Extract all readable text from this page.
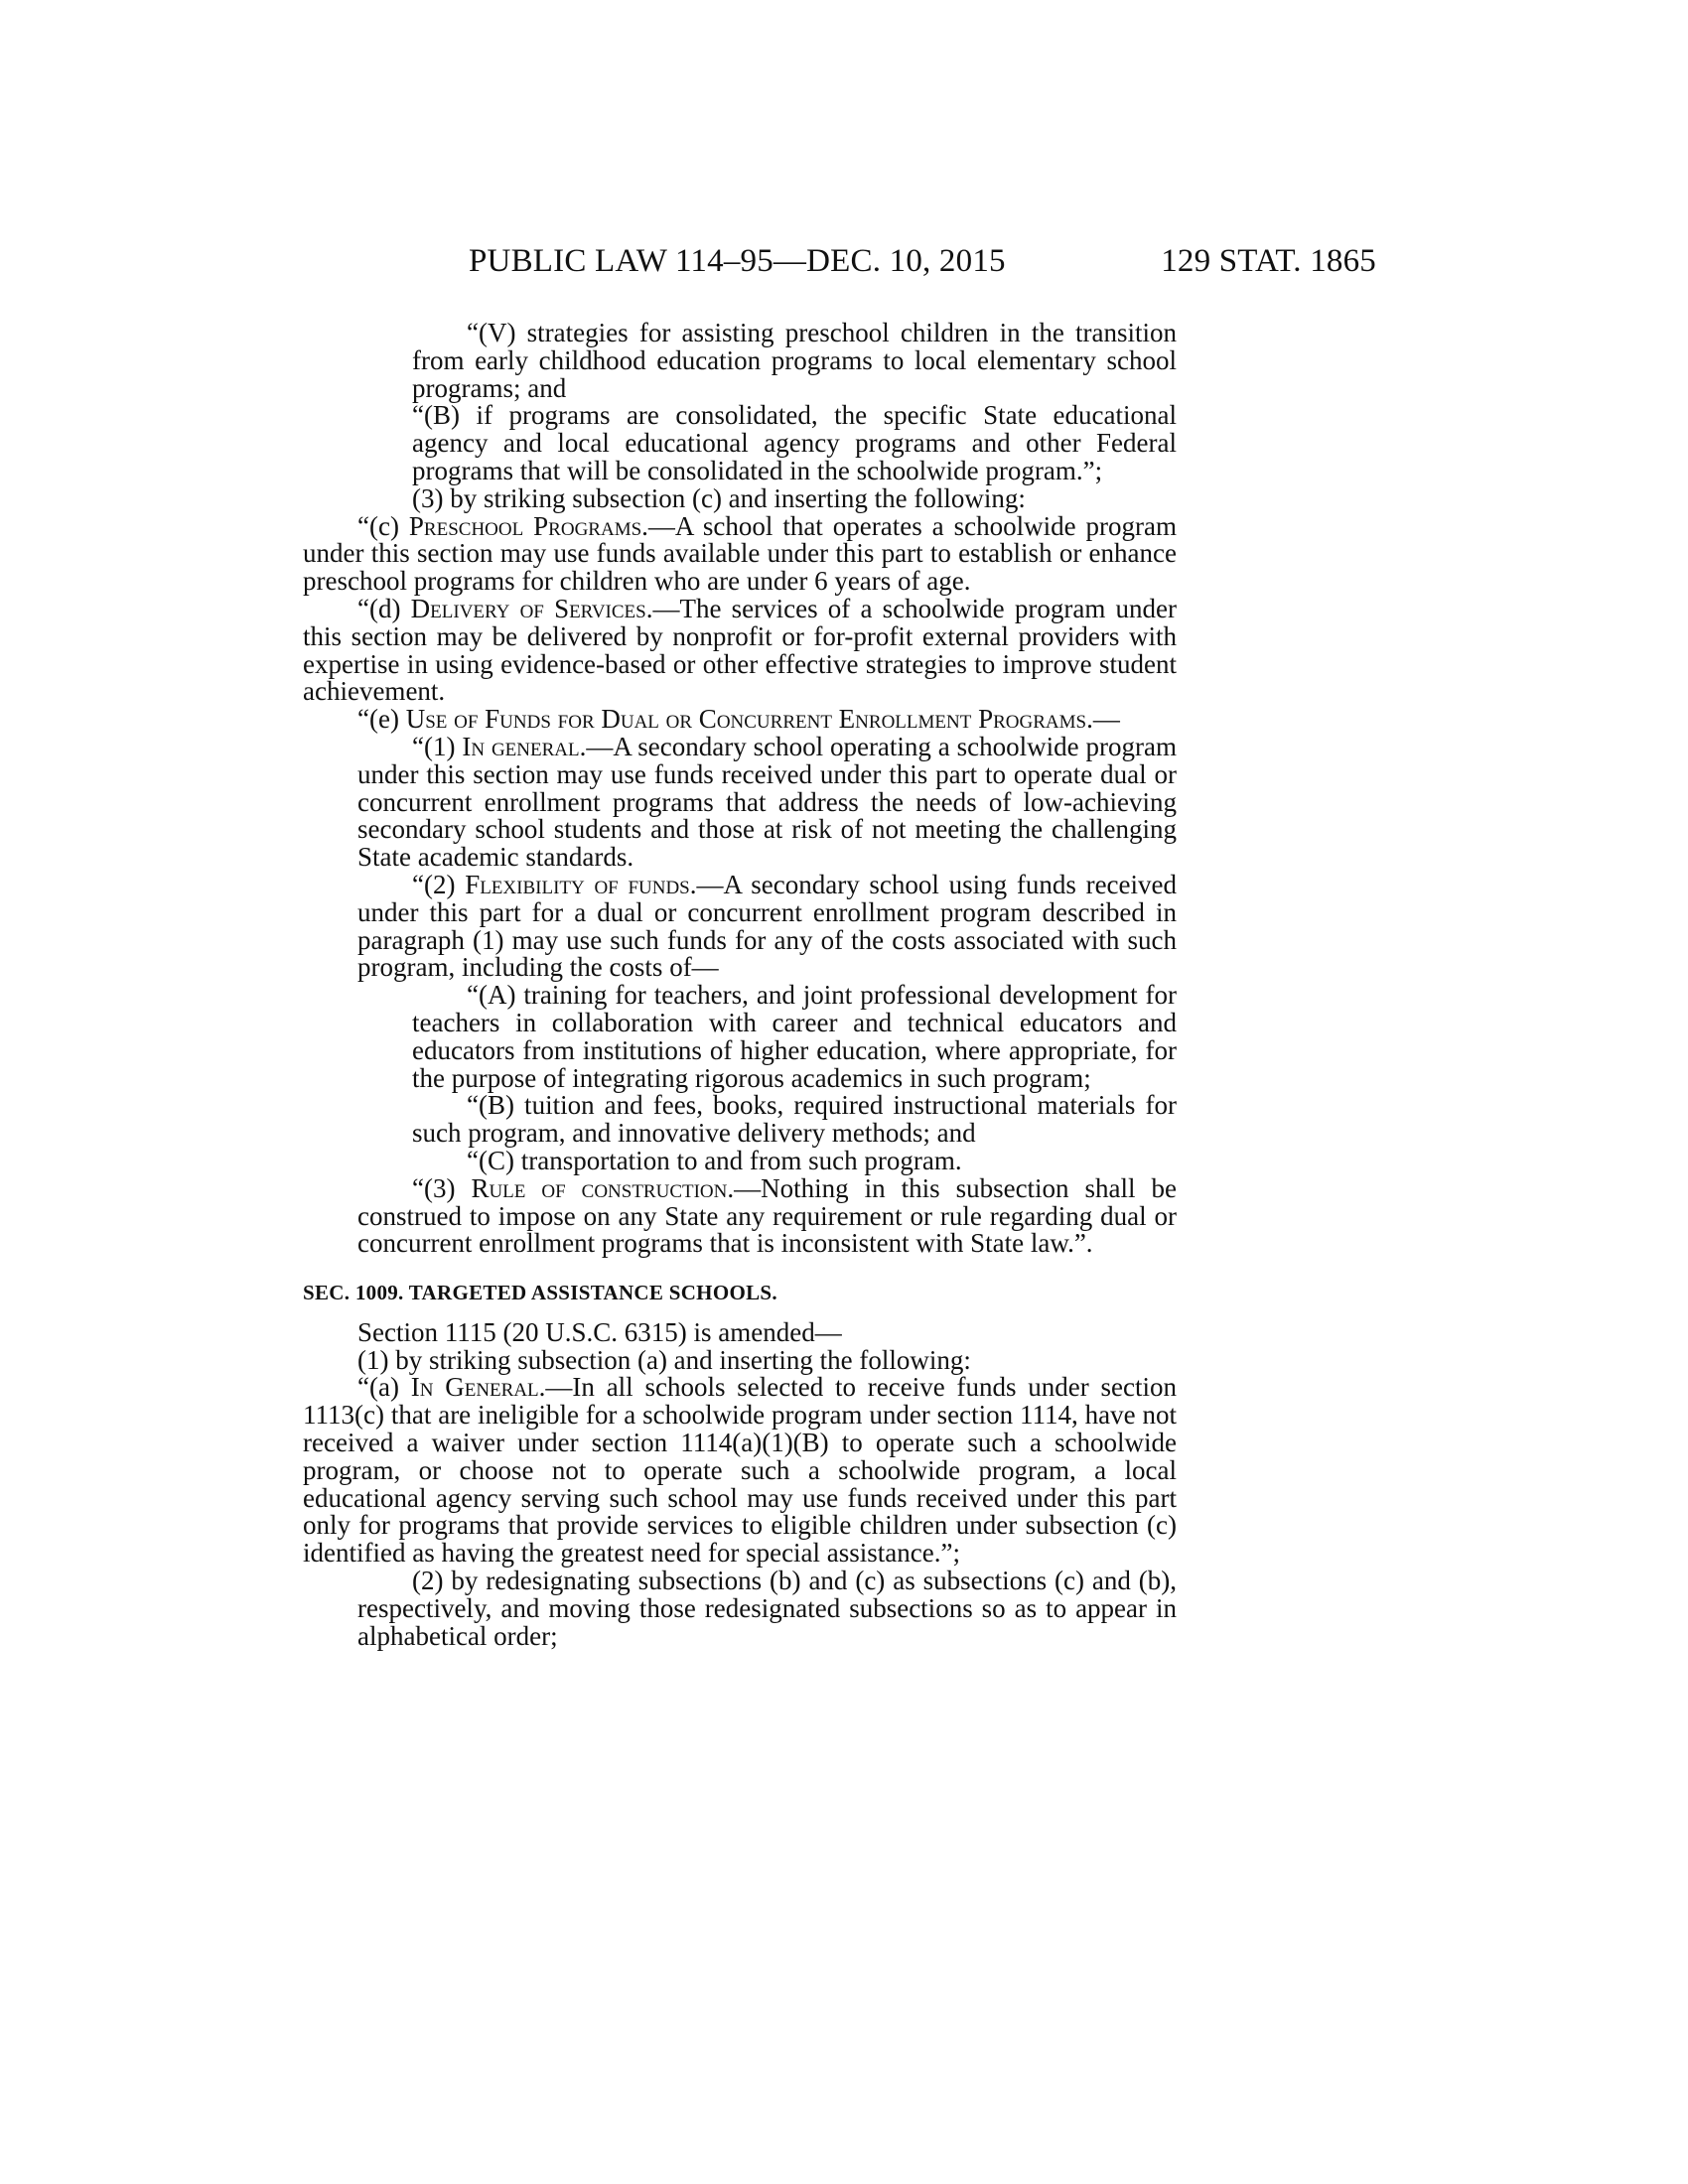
PUBLIC LAW 114–95—DEC. 10, 2015	129 STAT. 1865

“(V) strategies for assisting preschool children in the transition from early childhood education programs to local elementary school programs; and

“(B) if programs are consolidated, the specific State educational agency and local educational agency programs and other Federal programs that will be consolidated in the schoolwide program.”;

(3) by striking subsection (c) and inserting the following:

“(c) Preschool Programs.—A school that operates a schoolwide program under this section may use funds available under this part to establish or enhance preschool programs for children who are under 6 years of age.

“(d) Delivery of Services.—The services of a schoolwide program under this section may be delivered by nonprofit or for-profit external providers with expertise in using evidence-based or other effective strategies to improve student achievement.

“(e) Use of Funds for Dual or Concurrent Enrollment Programs.—

“(1) In general.—A secondary school operating a schoolwide program under this section may use funds received under this part to operate dual or concurrent enrollment programs that address the needs of low-achieving secondary school students and those at risk of not meeting the challenging State academic standards.

“(2) Flexibility of funds.—A secondary school using funds received under this part for a dual or concurrent enrollment program described in paragraph (1) may use such funds for any of the costs associated with such program, including the costs of—

“(A) training for teachers, and joint professional development for teachers in collaboration with career and technical educators and educators from institutions of higher education, where appropriate, for the purpose of integrating rigorous academics in such program;

“(B) tuition and fees, books, required instructional materials for such program, and innovative delivery methods; and

“(C) transportation to and from such program.

“(3) Rule of construction.—Nothing in this subsection shall be construed to impose on any State any requirement or rule regarding dual or concurrent enrollment programs that is inconsistent with State law.”.

SEC. 1009. TARGETED ASSISTANCE SCHOOLS.

Section 1115 (20 U.S.C. 6315) is amended—

(1) by striking subsection (a) and inserting the following:

“(a) In General.—In all schools selected to receive funds under section 1113(c) that are ineligible for a schoolwide program under section 1114, have not received a waiver under section 1114(a)(1)(B) to operate such a schoolwide program, or choose not to operate such a schoolwide program, a local educational agency serving such school may use funds received under this part only for programs that provide services to eligible children under subsection (c) identified as having the greatest need for special assistance.”;

(2) by redesignating subsections (b) and (c) as subsections (c) and (b), respectively, and moving those redesignated subsections so as to appear in alphabetical order;
